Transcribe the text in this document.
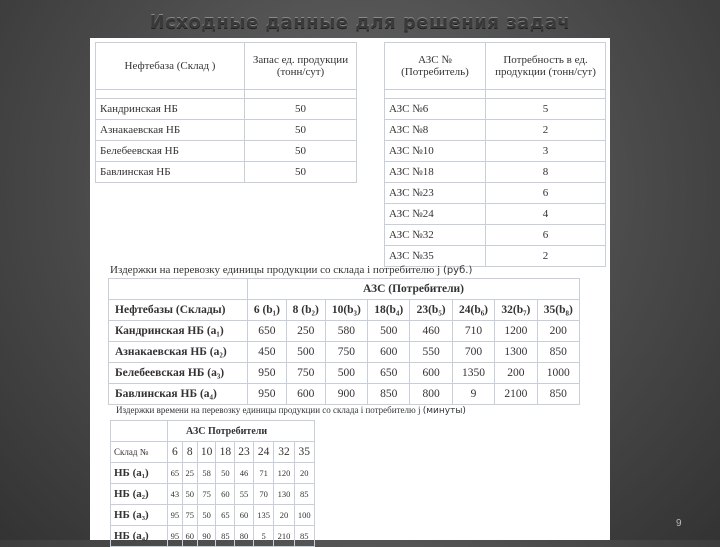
Исходные данные для решения задач
Нефтебаза (Склад )	Запас ед. продукции (тонн/сут)

Кандринская НБ	50
Азнакаевская НБ	50
Белебеевская НБ	50
Бавлинская НБ	50
АЗС № (Потребитель)	Потребность в ед. продукции (тонн/сут)

АЗС №6	5
АЗС №8	2
АЗС №10	3
АЗС №18	8
АЗС №23	6
АЗС №24	4
АЗС №32	6
АЗС №35	2
Издержки на перевозку единицы продукции со склада i потребителю j (руб.)
	АЗС (Потребители)							
Нефтебазы (Склады)	6 (b₁)	8 (b₂)	10(b₃)	18(b₄)	23(b₅)	24(b₆)	32(b₇)	35(b₈)
Кандринская НБ (a₁)	650	250	580	500	460	710	1200	200
Азнакаевская НБ (a₂)	450	500	750	600	550	700	1300	850
Белебеевская НБ (a₃)	950	750	500	650	600	1350	200	1000
Бавлинская НБ (a₄)	950	600	900	850	800	9	2100	850
Издержки времени на перевозку единицы продукции со склада i потребителю j (минуты)
	АЗС Потребители							
Склад №	6	8	10	18	23	24	32	35
НБ (a₁)	65	25	58	50	46	71	120	20
НБ (a₂)	43	50	75	60	55	70	130	85
НБ (a₃)	95	75	50	65	60	135	20	100
НБ (a₄)	95	60	90	85	80	5	210	85
9
